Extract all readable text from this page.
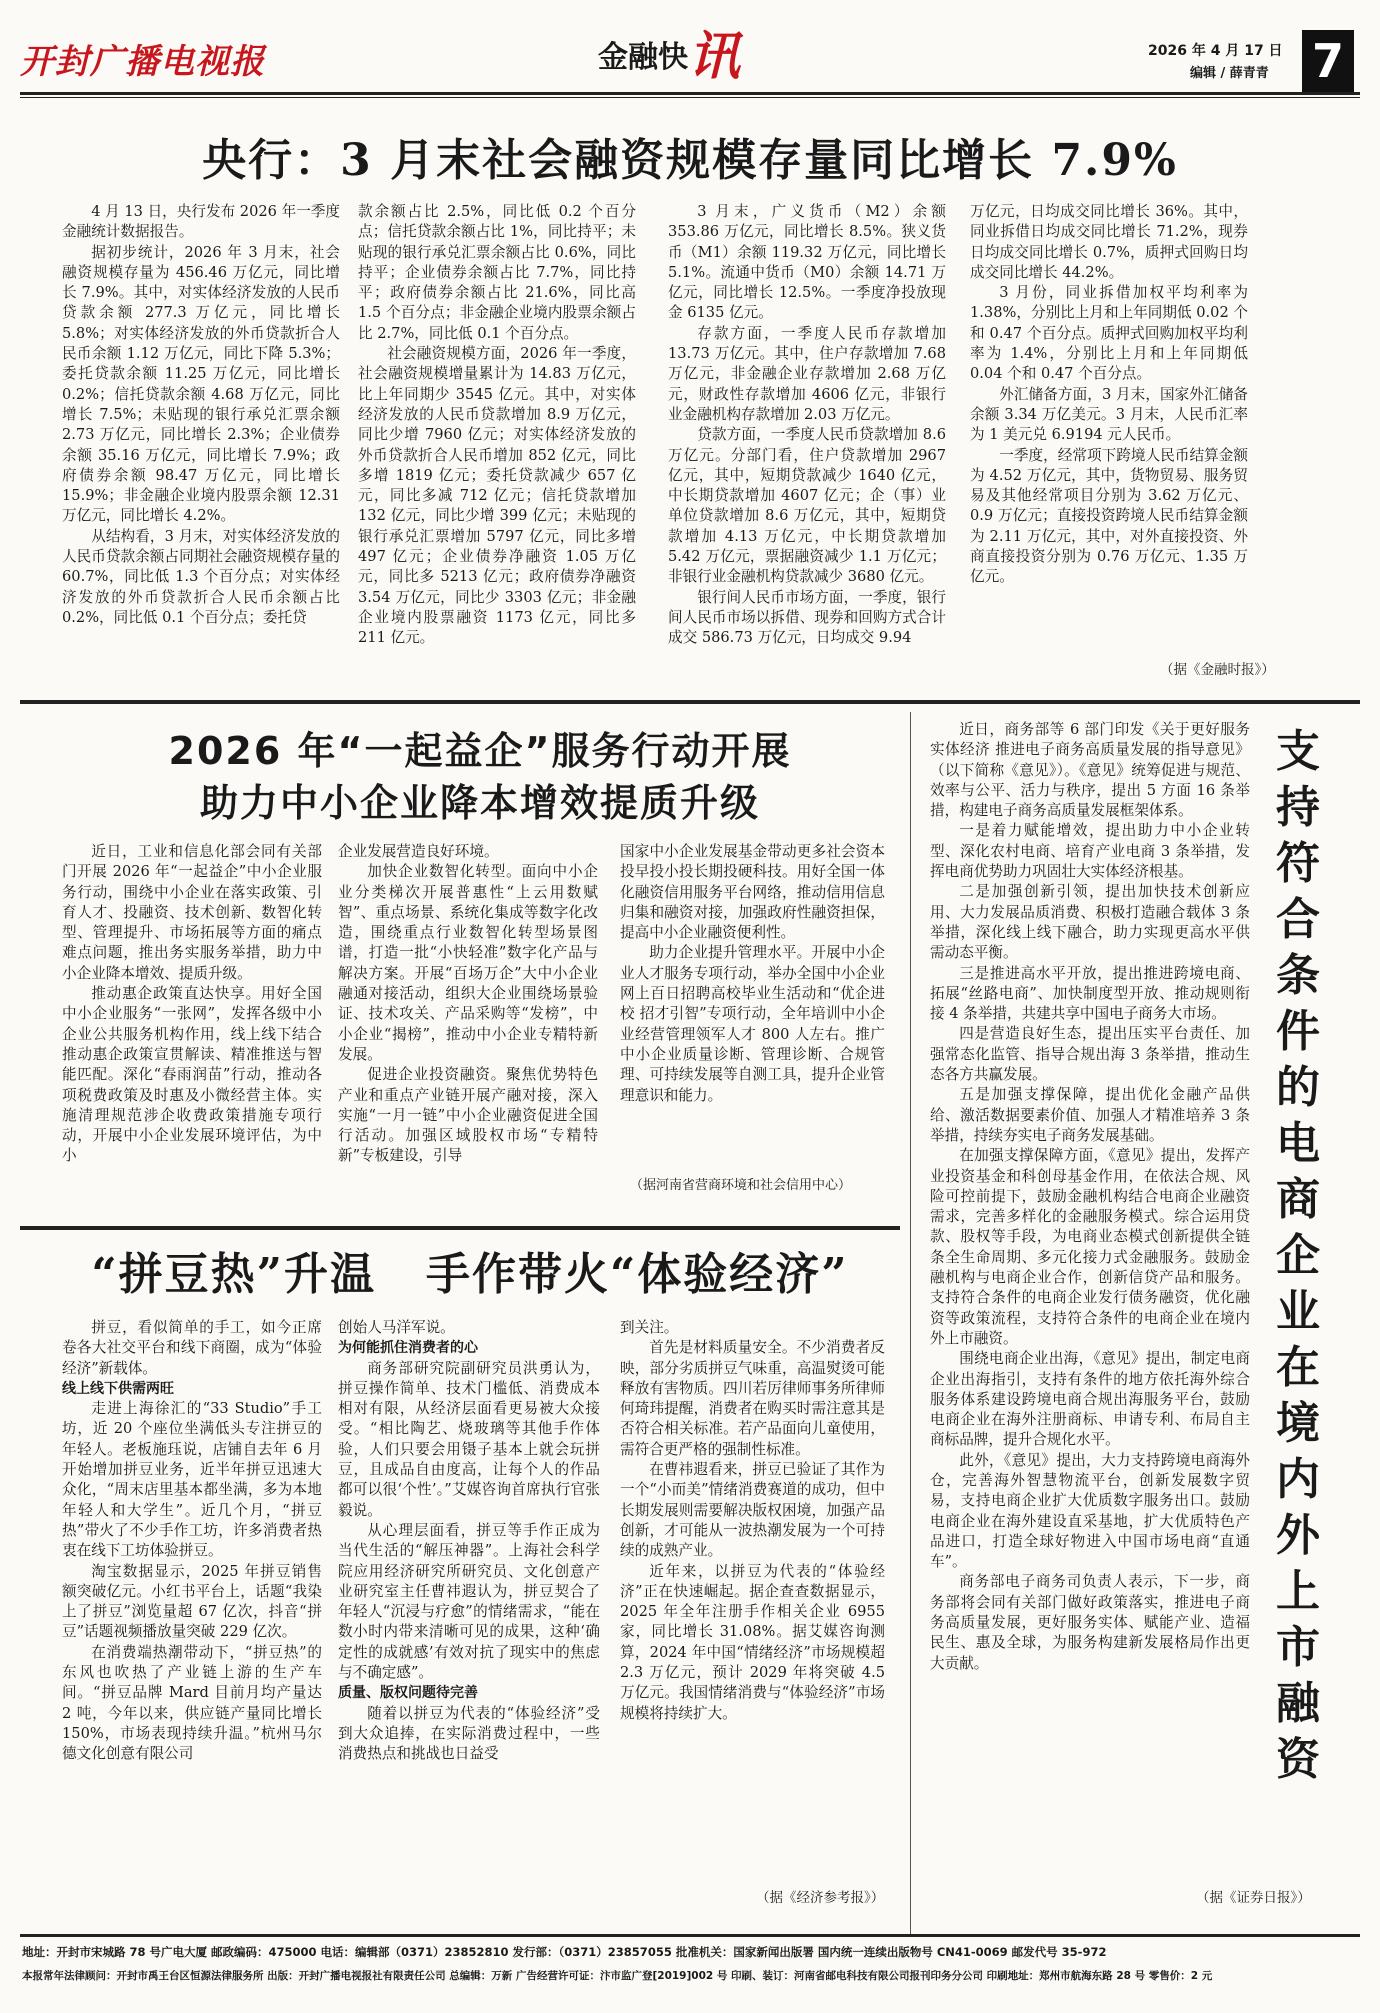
开封广播电视报	金融快讯	2026 年 4 月 17 日
编辑 / 薛青青 7
央行：3 月末社会融资规模存量同比增长 7.9%

4 月 13 日，央行发布 2026 年一季度金融统计数据报告。

据初步统计，2026 年 3 月末，社会融资规模存量为 456.46 万亿元，同比增长 7.9%。其中，对实体经济发放的人民币贷款余额 277.3 万亿元，同比增长 5.8%；对实体经济发放的外币贷款折合人民币余额 1.12 万亿元，同比下降 5.3%；委托贷款余额 11.25 万亿元，同比增长 0.2%；信托贷款余额 4.68 万亿元，同比增长 7.5%；未贴现的银行承兑汇票余额 2.73 万亿元，同比增长 2.3%；企业债券余额 35.16 万亿元，同比增长 7.9%；政府债券余额 98.47 万亿元，同比增长 15.9%；非金融企业境内股票余额 12.31 万亿元，同比增长 4.2%。

从结构看，3 月末，对实体经济发放的人民币贷款余额占同期社会融资规模存量的 60.7%，同比低 1.3 个百分点；对实体经济发放的外币贷款折合人民币余额占比 0.2%，同比低 0.1 个百分点；委托贷

款余额占比 2.5%，同比低 0.2 个百分点；信托贷款余额占比 1%，同比持平；未贴现的银行承兑汇票余额占比 0.6%，同比持平；企业债券余额占比 7.7%，同比持平；政府债券余额占比 21.6%，同比高 1.5 个百分点；非金融企业境内股票余额占比 2.7%，同比低 0.1 个百分点。

社会融资规模方面，2026 年一季度，社会融资规模增量累计为 14.83 万亿元，比上年同期少 3545 亿元。其中，对实体经济发放的人民币贷款增加 8.9 万亿元，同比少增 7960 亿元；对实体经济发放的外币贷款折合人民币增加 852 亿元，同比多增 1819 亿元；委托贷款减少 657 亿元，同比多减 712 亿元；信托贷款增加 132 亿元，同比少增 399 亿元；未贴现的银行承兑汇票增加 5797 亿元，同比多增 497 亿元；企业债券净融资 1.05 万亿元，同比多 5213 亿元；政府债券净融资 3.54 万亿元，同比少 3303 亿元；非金融企业境内股票融资 1173 亿元，同比多 211 亿元。

3 月末，广义货币（M2）余额 353.86 万亿元，同比增长 8.5%。狭义货币（M1）余额 119.32 万亿元，同比增长 5.1%。流通中货币（M0）余额 14.71 万亿元，同比增长 12.5%。一季度净投放现金 6135 亿元。

存款方面，一季度人民币存款增加 13.73 万亿元。其中，住户存款增加 7.68 万亿元，非金融企业存款增加 2.68 万亿元，财政性存款增加 4606 亿元，非银行业金融机构存款增加 2.03 万亿元。

贷款方面，一季度人民币贷款增加 8.6 万亿元。分部门看，住户贷款增加 2967 亿元，其中，短期贷款减少 1640 亿元，中长期贷款增加 4607 亿元；企（事）业单位贷款增加 8.6 万亿元，其中，短期贷款增加 4.13 万亿元，中长期贷款增加 5.42 万亿元，票据融资减少 1.1 万亿元；非银行业金融机构贷款减少 3680 亿元。

银行间人民币市场方面，一季度，银行间人民币市场以拆借、现券和回购方式合计成交 586.73 万亿元，日均成交 9.94

万亿元，日均成交同比增长 36%。其中，同业拆借日均成交同比增长 71.2%，现券日均成交同比增长 0.7%，质押式回购日均成交同比增长 44.2%。

3 月份，同业拆借加权平均利率为 1.38%，分别比上月和上年同期低 0.02 个和 0.47 个百分点。质押式回购加权平均利率为 1.4%，分别比上月和上年同期低 0.04 个和 0.47 个百分点。

外汇储备方面，3 月末，国家外汇储备余额 3.34 万亿美元。3 月末，人民币汇率为 1 美元兑 6.9194 元人民币。

一季度，经常项下跨境人民币结算金额为 4.52 万亿元，其中，货物贸易、服务贸易及其他经常项目分别为 3.62 万亿元、0.9 万亿元；直接投资跨境人民币结算金额为 2.11 万亿元，其中，对外直接投资、外商直接投资分别为 0.76 万亿元、1.35 万亿元。

（据《金融时报》）
2026 年“一起益企”服务行动开展
助力中小企业降本增效提质升级

近日，工业和信息化部会同有关部门开展 2026 年“一起益企”中小企业服务行动，围绕中小企业在落实政策、引育人才、投融资、技术创新、数智化转型、管理提升、市场拓展等方面的痛点难点问题，推出务实服务举措，助力中小企业降本增效、提质升级。

推动惠企政策直达快享。用好全国中小企业服务“一张网”，发挥各级中小企业公共服务机构作用，线上线下结合推动惠企政策宣贯解读、精准推送与智能匹配。深化“春雨润苗”行动，推动各项税费政策及时惠及小微经营主体。实施清理规范涉企收费政策措施专项行动，开展中小企业发展环境评估，为中小

企业发展营造良好环境。

加快企业数智化转型。面向中小企业分类梯次开展普惠性“上云用数赋智”、重点场景、系统化集成等数字化改造，围绕重点行业数智化转型场景图谱，打造一批“小快轻准”数字化产品与解决方案。开展“百场万企”大中小企业融通对接活动，组织大企业围绕场景验证、技术攻关、产品采购等“发榜”，中小企业“揭榜”，推动中小企业专精特新发展。

促进企业投资融资。聚焦优势特色产业和重点产业链开展产融对接，深入实施“一月一链”中小企业融资促进全国行活动。加强区域股权市场“专精特新”专板建设，引导

国家中小企业发展基金带动更多社会资本投早投小投长期投硬科技。用好全国一体化融资信用服务平台网络，推动信用信息归集和融资对接，加强政府性融资担保，提高中小企业融资便利性。

助力企业提升管理水平。开展中小企业人才服务专项行动，举办全国中小企业网上百日招聘高校毕业生活动和“优企进校 招才引智”专项行动，全年培训中小企业经营管理领军人才 800 人左右。推广中小企业质量诊断、管理诊断、合规管理、可持续发展等自测工具，提升企业管理意识和能力。

（据河南省营商环境和社会信用中心）
“拼豆热”升温 手作带火“体验经济”

拼豆，看似简单的手工，如今正席卷各大社交平台和线下商圈，成为“体验经济”新载体。

线上线下供需两旺

走进上海徐汇的“33 Studio”手工坊，近 20 个座位坐满低头专注拼豆的年轻人。老板施珏说，店铺自去年 6 月开始增加拼豆业务，近半年拼豆迅速大众化，“周末店里基本都坐满，多为本地年轻人和大学生”。近几个月，“拼豆热”带火了不少手作工坊，许多消费者热衷在线下工坊体验拼豆。

淘宝数据显示，2025 年拼豆销售额突破亿元。小红书平台上，话题“我染上了拼豆”浏览量超 67 亿次，抖音“拼豆”话题视频播放量突破 229 亿次。

在消费端热潮带动下，“拼豆热”的东风也吹热了产业链上游的生产车间。“拼豆品牌 Mard 目前月均产量达 2 吨，今年以来，供应链产量同比增长 150%，市场表现持续升温。”杭州马尔德文化创意有限公司

创始人马洋军说。

为何能抓住消费者的心

商务部研究院副研究员洪勇认为，拼豆操作简单、技术门槛低、消费成本相对有限，从经济层面看更易被大众接受。“相比陶艺、烧玻璃等其他手作体验，人们只要会用镊子基本上就会玩拼豆，且成品自由度高，让每个人的作品都可以很‘个性’。”艾媒咨询首席执行官张毅说。

从心理层面看，拼豆等手作正成为当代生活的“解压神器”。上海社会科学院应用经济研究所研究员、文化创意产业研究室主任曹祎遐认为，拼豆契合了年轻人“沉浸与疗愈”的情绪需求，“能在数小时内带来清晰可见的成果，这种‘确定性的成就感’有效对抗了现实中的焦虑与不确定感”。

质量、版权问题待完善

随着以拼豆为代表的“体验经济”受到大众追捧，在实际消费过程中，一些消费热点和挑战也日益受

到关注。

首先是材料质量安全。不少消费者反映，部分劣质拼豆气味重，高温熨烫可能释放有害物质。四川若厉律师事务所律师何琦玮提醒，消费者在购买时需注意其是否符合相关标准。若产品面向儿童使用，需符合更严格的强制性标准。

在曹祎遐看来，拼豆已验证了其作为一个“小而美”情绪消费赛道的成功，但中长期发展则需要解决版权困境，加强产品创新，才可能从一波热潮发展为一个可持续的成熟产业。

近年来，以拼豆为代表的“体验经济”正在快速崛起。据企查查数据显示，2025 年全年注册手作相关企业 6955 家，同比增长 31.08%。据艾媒咨询测算，2024 年中国“情绪经济”市场规模超 2.3 万亿元，预计 2029 年将突破 4.5 万亿元。我国情绪消费与“体验经济”市场规模将持续扩大。

（据《经济参考报》）

近日，商务部等 6 部门印发《关于更好服务实体经济 推进电子商务高质量发展的指导意见》（以下简称《意见》）。《意见》统筹促进与规范、效率与公平、活力与秩序，提出 5 方面 16 条举措，构建电子商务高质量发展框架体系。

一是着力赋能增效，提出助力中小企业转型、深化农村电商、培育产业电商 3 条举措，发挥电商优势助力巩固壮大实体经济根基。

二是加强创新引领，提出加快技术创新应用、大力发展品质消费、积极打造融合载体 3 条举措，深化线上线下融合，助力实现更高水平供需动态平衡。

三是推进高水平开放，提出推进跨境电商、拓展“丝路电商”、加快制度型开放、推动规则衔接 4 条举措，共建共享中国电子商务大市场。

四是营造良好生态，提出压实平台责任、加强常态化监管、指导合规出海 3 条举措，推动生态各方共赢发展。

五是加强支撑保障，提出优化金融产品供给、激活数据要素价值、加强人才精准培养 3 条举措，持续夯实电子商务发展基础。

在加强支撑保障方面，《意见》提出，发挥产业投资基金和科创母基金作用，在依法合规、风险可控前提下，鼓励金融机构结合电商企业融资需求，完善多样化的金融服务模式。综合运用贷款、股权等手段，为电商业态模式创新提供全链条全生命周期、多元化接力式金融服务。鼓励金融机构与电商企业合作，创新信贷产品和服务。支持符合条件的电商企业发行债务融资，优化融资等政策流程，支持符合条件的电商企业在境内外上市融资。

围绕电商企业出海，《意见》提出，制定电商企业出海指引，支持有条件的地方依托海外综合服务体系建设跨境电商合规出海服务平台，鼓励电商企业在海外注册商标、申请专利、布局自主商标品牌，提升合规化水平。

此外，《意见》提出，大力支持跨境电商海外仓，完善海外智慧物流平台，创新发展数字贸易，支持电商企业扩大优质数字服务出口。鼓励电商企业在海外建设直采基地，扩大优质特色产品进口，打造全球好物进入中国市场电商“直通车”。

商务部电子商务司负责人表示，下一步，商务部将会同有关部门做好政策落实，推进电子商务高质量发展，更好服务实体、赋能产业、造福民生、惠及全球，为服务构建新发展格局作出更大贡献。

支持符合条件的电商企业在境内外上市融资
（据《证券日报》）
地址：开封市宋城路 78 号广电大厦 邮政编码：475000 电话：编辑部（0371）23852810 发行部：（0371）23857055 批准机关：国家新闻出版署 国内统一连续出版物号 CN41-0069 邮发代号 35-972
本报常年法律顾问：开封市禹王台区恒源法律服务所 出版：开封广播电视报社有限责任公司 总编辑：万新 广告经营许可证：汴市监广登[2019]002 号 印刷、装订：河南省邮电科技有限公司报刊印务分公司 印刷地址：郑州市航海东路 28 号 零售价：2 元
